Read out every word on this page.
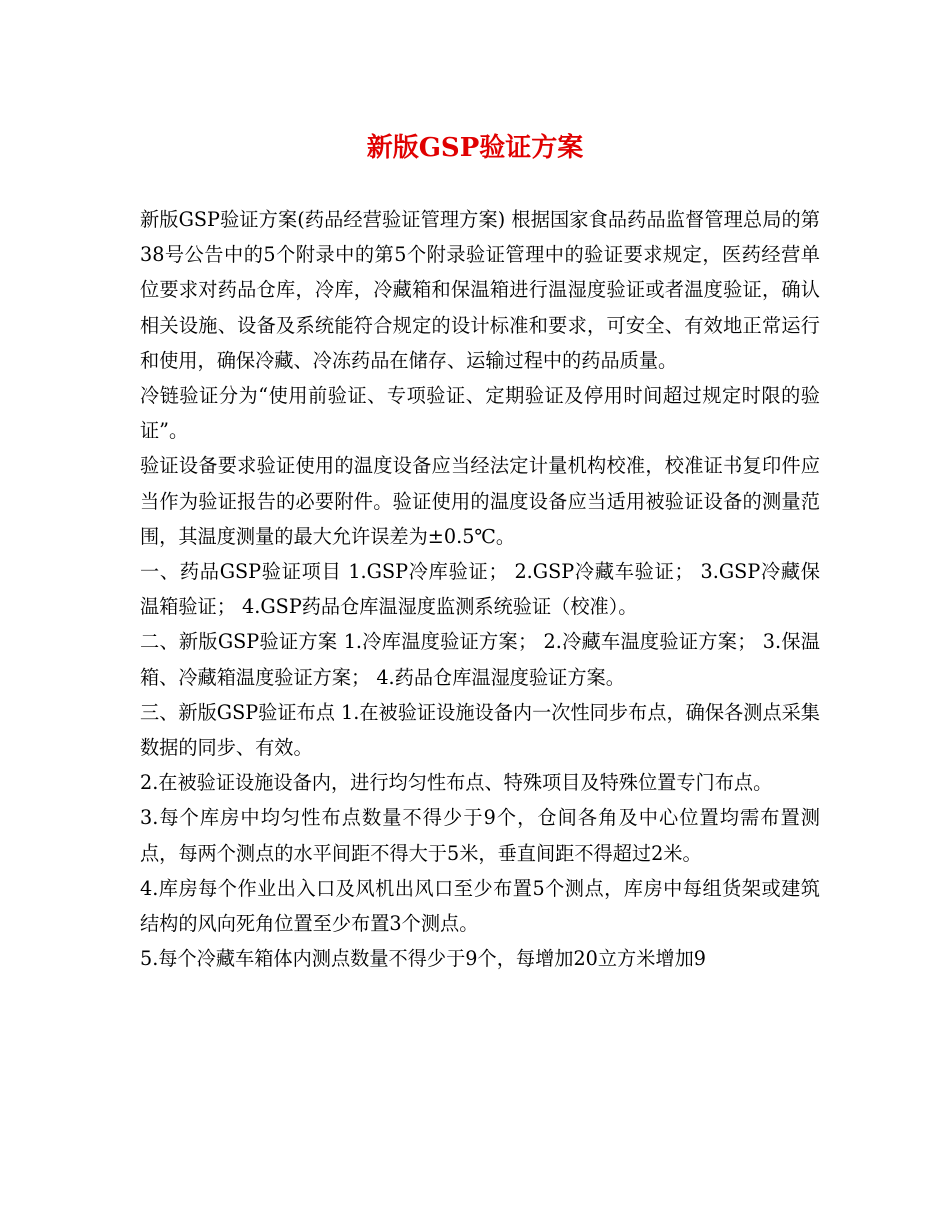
新版GSP验证方案

新版GSP验证方案(药品经营验证管理方案) 根据国家食品药品监督管理总局的第38号公告中的5个附录中的第5个附录验证管理中的验证要求规定，医药经营单位要求对药品仓库，冷库，冷藏箱和保温箱进行温湿度验证或者温度验证，确认相关设施、设备及系统能符合规定的设计标准和要求，可安全、有效地正常运行和使用，确保冷藏、冷冻药品在储存、运输过程中的药品质量。

冷链验证分为“使用前验证、专项验证、定期验证及停用时间超过规定时限的验证”。

验证设备要求验证使用的温度设备应当经法定计量机构校准，校准证书复印件应当作为验证报告的必要附件。验证使用的温度设备应当适用被验证设备的测量范围，其温度测量的最大允许误差为±0.5℃。

一、药品GSP验证项目 1.GSP冷库验证； 2.GSP冷藏车验证； 3.GSP冷藏保温箱验证； 4.GSP药品仓库温湿度监测系统验证（校准）。

二、新版GSP验证方案 1.冷库温度验证方案； 2.冷藏车温度验证方案； 3.保温箱、冷藏箱温度验证方案； 4.药品仓库温湿度验证方案。

三、新版GSP验证布点 1.在被验证设施设备内一次性同步布点，确保各测点采集数据的同步、有效。

2.在被验证设施设备内，进行均匀性布点、特殊项目及特殊位置专门布点。

3.每个库房中均匀性布点数量不得少于9个，仓间各角及中心位置均需布置测点，每两个测点的水平间距不得大于5米，垂直间距不得超过2米。

4.库房每个作业出入口及风机出风口至少布置5个测点，库房中每组货架或建筑结构的风向死角位置至少布置3个测点。

5.每个冷藏车箱体内测点数量不得少于9个，每增加20立方米增加9
